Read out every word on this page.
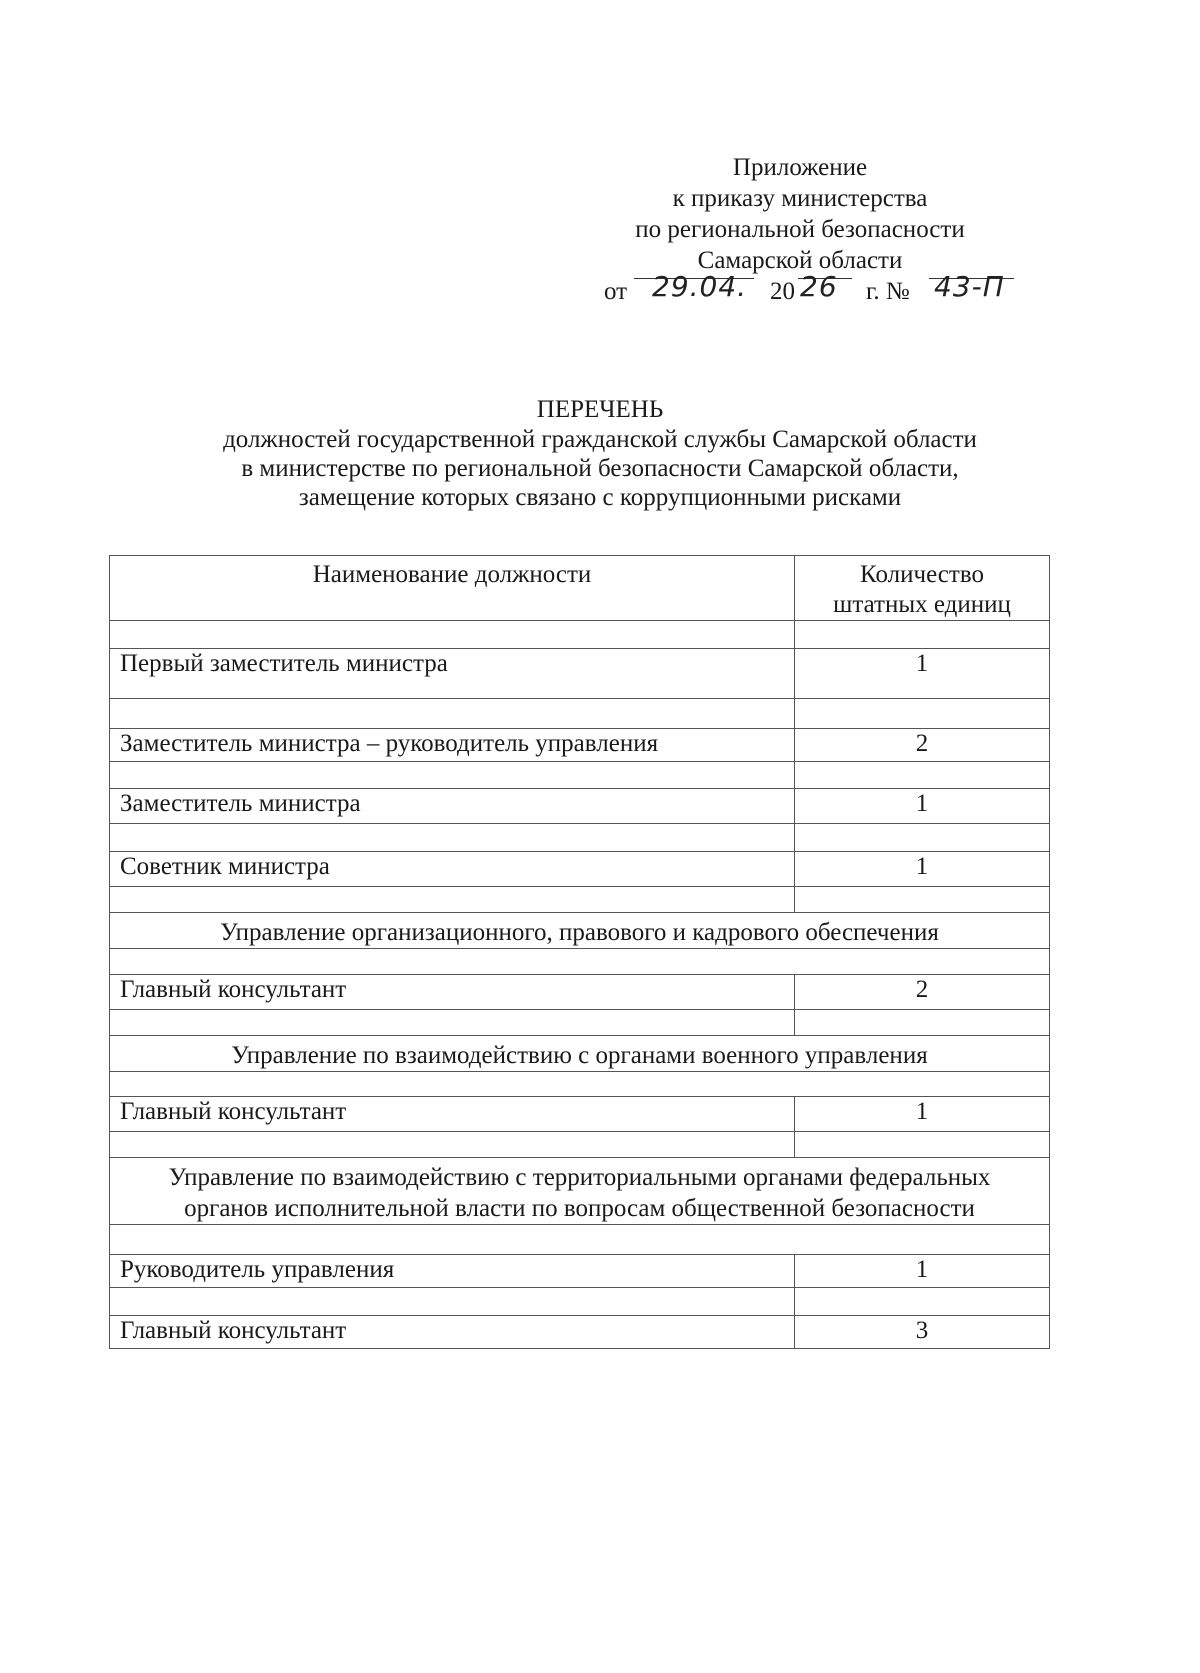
Приложение
к приказу министерства
по региональной безопасности
Самарской области
от 29.04. 20 26 г. № 43-П
ПЕРЕЧЕНЬ
должностей государственной гражданской службы Самарской области
в министерстве по региональной безопасности Самарской области,
замещение которых связано с коррупционными рисками
Наименование должности	Количество
штатных единиц

Первый заместитель министра	1

Заместитель министра – руководитель управления	2

Заместитель министра	1

Советник министра	1

Управление организационного, правового и кадрового обеспечения	

Главный консультант	2

Управление по взаимодействию с органами военного управления	

Главный консультант	1

Управление по взаимодействию с территориальными органами федеральных
органов исполнительной власти по вопросам общественной безопасности	

Руководитель управления	1

Главный консультант	3
